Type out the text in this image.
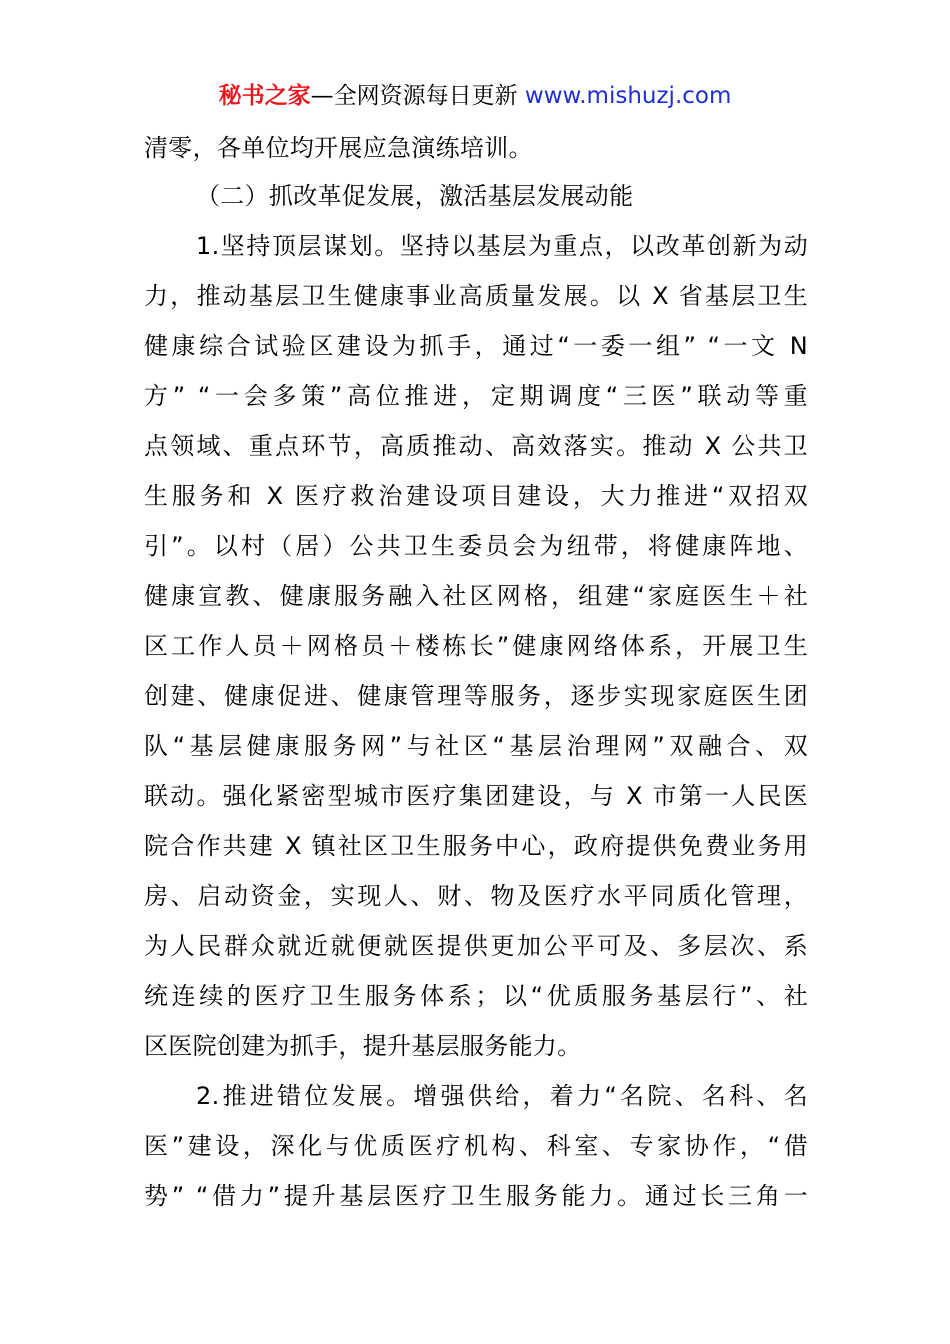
秘书之家—全网资源每日更新 www.mishuzj.com
清零，各单位均开展应急演练培训。
（二）抓改革促发展，激活基层发展动能
1.坚持顶层谋划。坚持以基层为重点，以改革创新为动
力，推动基层卫生健康事业高质量发展。以 X 省基层卫生
健康综合试验区建设为抓手，通过“一委一组” “一文 N
方” “一会多策”高位推进，定期调度“三医”联动等重
点领域、重点环节，高质推动、高效落实。推动 X 公共卫
生服务和 X 医疗救治建设项目建设，大力推进“双招双
引”。以村（居）公共卫生委员会为纽带，将健康阵地、
健康宣教、健康服务融入社区网格，组建“家庭医生＋社
区工作人员＋网格员＋楼栋长”健康网络体系，开展卫生
创建、健康促进、健康管理等服务，逐步实现家庭医生团
队“基层健康服务网”与社区“基层治理网”双融合、双
联动。强化紧密型城市医疗集团建设，与 X 市第一人民医
院合作共建 X 镇社区卫生服务中心，政府提供免费业务用
房、启动资金，实现人、财、物及医疗水平同质化管理，
为人民群众就近就便就医提供更加公平可及、多层次、系
统连续的医疗卫生服务体系；以“优质服务基层行”、社
区医院创建为抓手，提升基层服务能力。
2.推进错位发展。增强供给，着力“名院、名科、名
医”建设，深化与优质医疗机构、科室、专家协作，“借
势” “借力”提升基层医疗卫生服务能力。通过长三角一
